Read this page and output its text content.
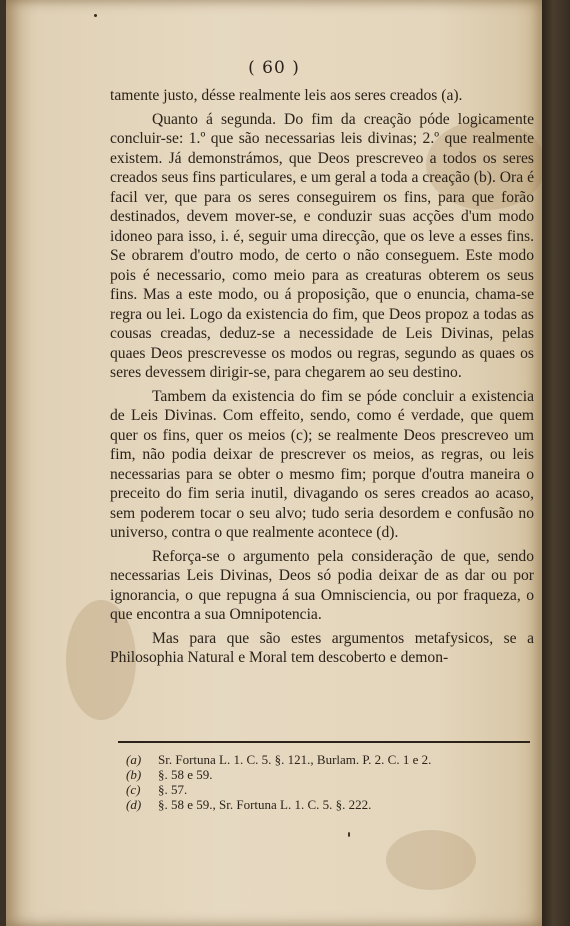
( 60 )

tamente justo, désse realmente leis aos seres creados (a).

Quanto á segunda. Do fim da creação póde logicamente concluir-se: 1.º que são necessarias leis divinas; 2.º que realmente existem. Já demonstrámos, que Deos prescreveo a todos os seres creados seus fins particulares, e um geral a toda a creação (b). Ora é facil ver, que para os seres conseguirem os fins, para que forão destinados, devem mover-se, e conduzir suas acções d'um modo idoneo para isso, i. é, seguir uma direcção, que os leve a esses fins. Se obrarem d'outro modo, de certo o não conseguem. Este modo pois é necessario, como meio para as creaturas obterem os seus fins. Mas a este modo, ou á proposição, que o enuncia, chama-se regra ou lei. Logo da existencia do fim, que Deos propoz a todas as cousas creadas, deduz-se a necessidade de Leis Divinas, pelas quaes Deos prescrevesse os modos ou regras, segundo as quaes os seres devessem dirigir-se, para chegarem ao seu destino.

Tambem da existencia do fim se póde concluir a existencia de Leis Divinas. Com effeito, sendo, como é verdade, que quem quer os fins, quer os meios (c); se realmente Deos prescreveo um fim, não podia deixar de prescrever os meios, as regras, ou leis necessarias para se obter o mesmo fim; porque d'outra maneira o preceito do fim seria inutil, divagando os seres creados ao acaso, sem poderem tocar o seu alvo; tudo seria desordem e confusão no universo, contra o que realmente acontece (d).

Reforça-se o argumento pela consideração de que, sendo necessarias Leis Divinas, Deos só podia deixar de as dar ou por ignorancia, o que repugna á sua Omnisciencia, ou por fraqueza, o que encontra a sua Omnipotencia.

Mas para que são estes argumentos metafysicos, se a Philosophia Natural e Moral tem descoberto e demon-

(a)	Sr. Fortuna L. 1. C. 5. §. 121., Burlam. P. 2. C. 1 e 2.
(b)	§. 58 e 59.
(c)	§. 57.
(d)	§. 58 e 59., Sr. Fortuna L. 1. C. 5. §. 222.
